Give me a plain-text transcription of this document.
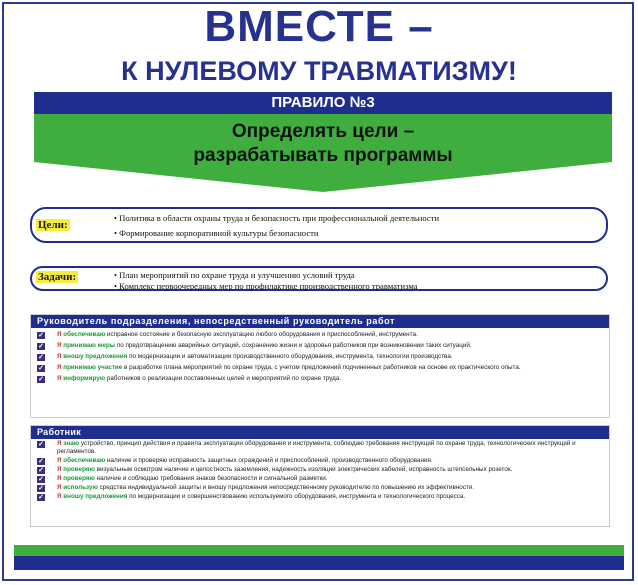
ВМЕСТЕ –
К НУЛЕВОМУ ТРАВМАТИЗМУ!
ПРАВИЛО №3
Определять цели –
разрабатывать программы
Цели:
• Политика в области охраны труда и безопасность при профессиональной деятельности
• Формирование корпоративной культуры безопасности
Задачи:
•	План мероприятий по охране труда и улучшению условий труда
• Комплекс первоочередных мер по профилактике производственного травматизма
Руководитель подразделения, непосредственный руководитель работ
✓ Я обеспечиваю исправное состояние и безопасную эксплуатацию любого оборудования и приспособлений, инструмента.
✓ Я принимаю меры по предотвращению аварийных ситуаций, сохранению жизни и здоровья работников при возникновении таких ситуаций.
✓ Я вношу предложения по модернизации и автоматизации производственного оборудования, инструмента, технологии производства.
✓ Я принимаю участие в разработке плана мероприятий по охране труда, с учетом предложений подчиненных работников на основе их практического опыта.
✓ Я информирую работников о реализации поставленных целей и мероприятий по охране труда.
Работник
✓ Я знаю устройство, принцип действия и правила эксплуатации оборудования и инструмента, соблюдаю требования инструкций по охране труда, технологических инструкций и регламентов.
✓ Я обеспечиваю наличие и проверяю исправность защитных ограждений и приспособлений, производственного оборудования.
✓ Я проверяю визуальным осмотром наличие и целостность заземления, надежность изоляции электрических кабелей, исправность штепсельных розеток.
✓ Я проверяю наличие и соблюдаю требования знаков безопасности и сигнальной разметки.
✓ Я использую средства индивидуальной защиты и вношу предложения непосредственному руководителю по повышению их эффективности.
✓ Я вношу предложения по модернизации и совершенствованию используемого оборудования, инструмента и технологического процесса.
